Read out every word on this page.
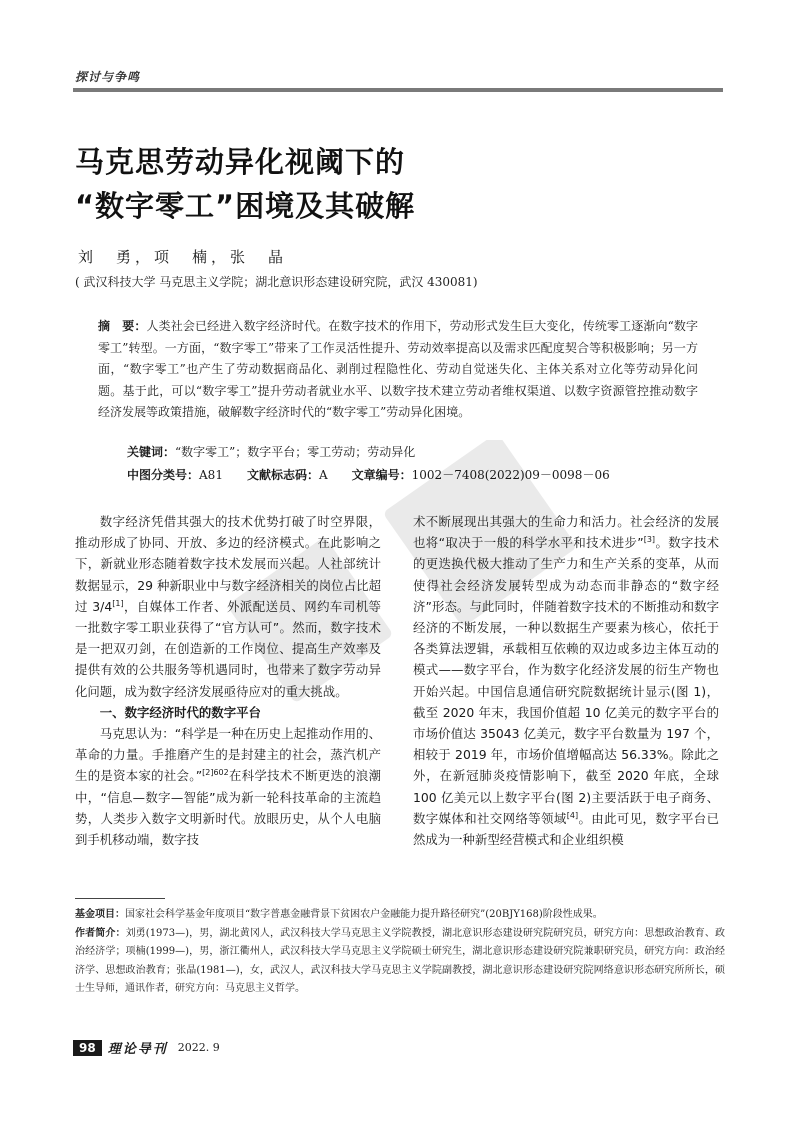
探讨与争鸣
马克思劳动异化视阈下的
“数字零工”困境及其破解
刘　勇，项　楠，张　晶
( 武汉科技大学 马克思主义学院；湖北意识形态建设研究院，武汉 430081)
摘　要：人类社会已经进入数字经济时代。在数字技术的作用下，劳动形式发生巨大变化，传统零工逐渐向“数字零工”转型。一方面，“数字零工”带来了工作灵活性提升、劳动效率提高以及需求匹配度契合等积极影响；另一方面，“数字零工”也产生了劳动数据商品化、剥削过程隐性化、劳动自觉迷失化、主体关系对立化等劳动异化问题。基于此，可以“数字零工”提升劳动者就业水平、以数字技术建立劳动者维权渠道、以数字资源管控推动数字经济发展等政策措施，破解数字经济时代的“数字零工”劳动异化困境。
关键词：“数字零工”；数字平台；零工劳动；劳动异化
中图分类号：A81 文献标志码：A 文章编号：1002－7408(2022)09－0098－06

数字经济凭借其强大的技术优势打破了时空界限，推动形成了协同、开放、多边的经济模式。在此影响之下，新就业形态随着数字技术发展而兴起。人社部统计数据显示，29 种新职业中与数字经济相关的岗位占比超过 3/4[1]，自媒体工作者、外派配送员、网约车司机等一批数字零工职业获得了“官方认可”。然而，数字技术是一把双刃剑，在创造新的工作岗位、提高生产效率及提供有效的公共服务等机遇同时，也带来了数字劳动异化问题，成为数字经济发展亟待应对的重大挑战。

一、数字经济时代的数字平台

马克思认为：“科学是一种在历史上起推动作用的、革命的力量。手推磨产生的是封建主的社会，蒸汽机产生的是资本家的社会。”$^{[2]602}$在科学技术不断更迭的浪潮中，“信息—数字—智能”成为新一轮科技革命的主流趋势，人类步入数字文明新时代。放眼历史，从个人电脑到手机移动端，数字技

术不断展现出其强大的生命力和活力。社会经济的发展也将“取决于一般的科学水平和技术进步”[3]。数字技术的更迭换代极大推动了生产力和生产关系的变革，从而使得社会经济发展转型成为动态而非静态的“数字经济”形态。与此同时，伴随着数字技术的不断推动和数字经济的不断发展，一种以数据生产要素为核心，依托于各类算法逻辑，承载相互依赖的双边或多边主体互动的模式——数字平台，作为数字化经济发展的衍生产物也开始兴起。中国信息通信研究院数据统计显示(图 1)，截至 2020 年末，我国价值超 10 亿美元的数字平台的市场价值达 35043 亿美元，数字平台数量为 197 个，相较于 2019 年，市场价值增幅高达 56.33%。除此之外，在新冠肺炎疫情影响下，截至 2020 年底，全球 100 亿美元以上数字平台(图 2)主要活跃于电子商务、数字媒体和社交网络等领域[4]。由此可见，数字平台已然成为一种新型经营模式和企业组织模

基金项目：国家社会科学基金年度项目“数字普惠金融背景下贫困农户金融能力提升路径研究”(20BJY168)阶段性成果。
作者简介：刘勇(1973—)，男，湖北黄冈人，武汉科技大学马克思主义学院教授，湖北意识形态建设研究院研究员，研究方向：思想政治教育、政治经济学；项楠(1999—)，男，浙江衢州人，武汉科技大学马克思主义学院硕士研究生，湖北意识形态建设研究院兼职研究员，研究方向：政治经济学、思想政治教育；张晶(1981—)，女，武汉人，武汉科技大学马克思主义学院副教授，湖北意识形态建设研究院网络意识形态研究所所长，硕士生导师，通讯作者，研究方向：马克思主义哲学。
98 理论导刊 2022. 9
